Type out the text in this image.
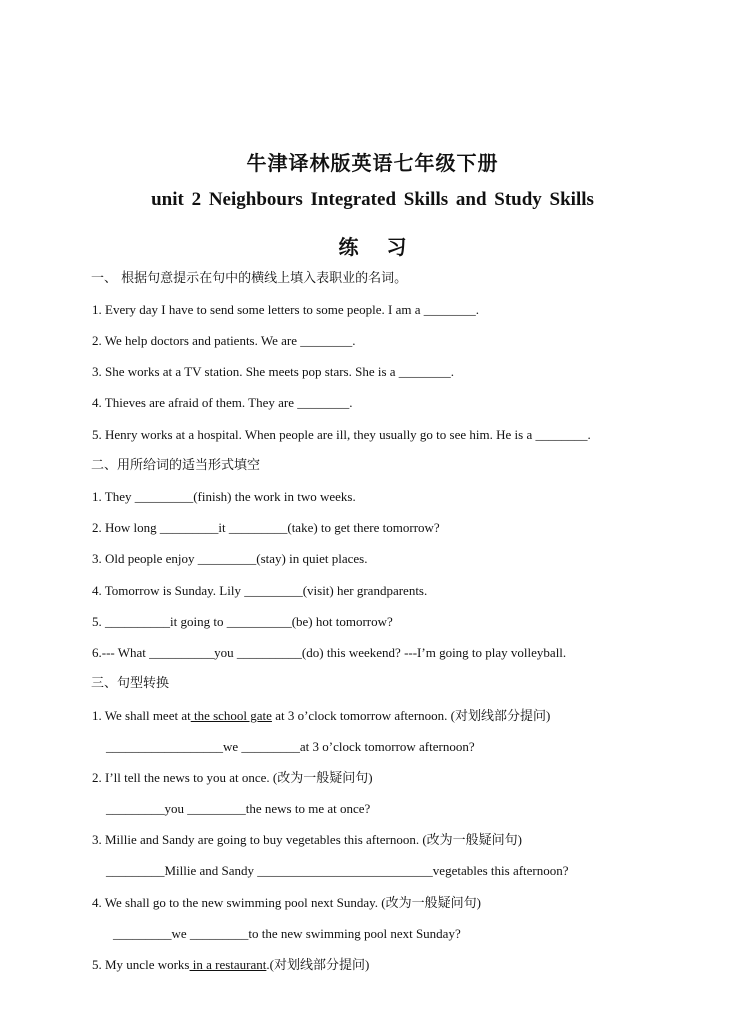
牛津译林版英语七年级下册
unit 2 Neighbours Integrated Skills and Study Skills
练习
一、 根据句意提示在句中的横线上填入表职业的名词。
1. Every day I have to send some letters to some people. I am a ________.
2. We help doctors and patients. We are ________.
3. She works at a TV station. She meets pop stars. She is a ________.
4. Thieves are afraid of them. They are ________.
5. Henry works at a hospital. When people are ill, they usually go to see him. He is a ________.
二、用所给词的适当形式填空
1. They _________(finish) the work in two weeks.
2. How long _________it _________(take) to get there tomorrow?
3. Old people enjoy _________(stay) in quiet places.
4. Tomorrow is Sunday. Lily _________(visit) her grandparents.
5. __________it going to __________(be) hot tomorrow?
6.--- What __________you __________(do) this weekend? ---I’m going to play volleyball.
三、句型转换
1. We shall meet at the school gate at 3 o’clock tomorrow afternoon. (对划线部分提问)
__________________we _________at 3 o’clock tomorrow afternoon?
2. I’ll tell the news to you at once. (改为一般疑问句)
_________you _________the news to me at once?
3. Millie and Sandy are going to buy vegetables this afternoon. (改为一般疑问句)
_________Millie and Sandy ___________________________vegetables this afternoon?
4. We shall go to the new swimming pool next Sunday. (改为一般疑问句)
_________we _________to the new swimming pool next Sunday?
5. My uncle works in a restaurant.(对划线部分提问)
